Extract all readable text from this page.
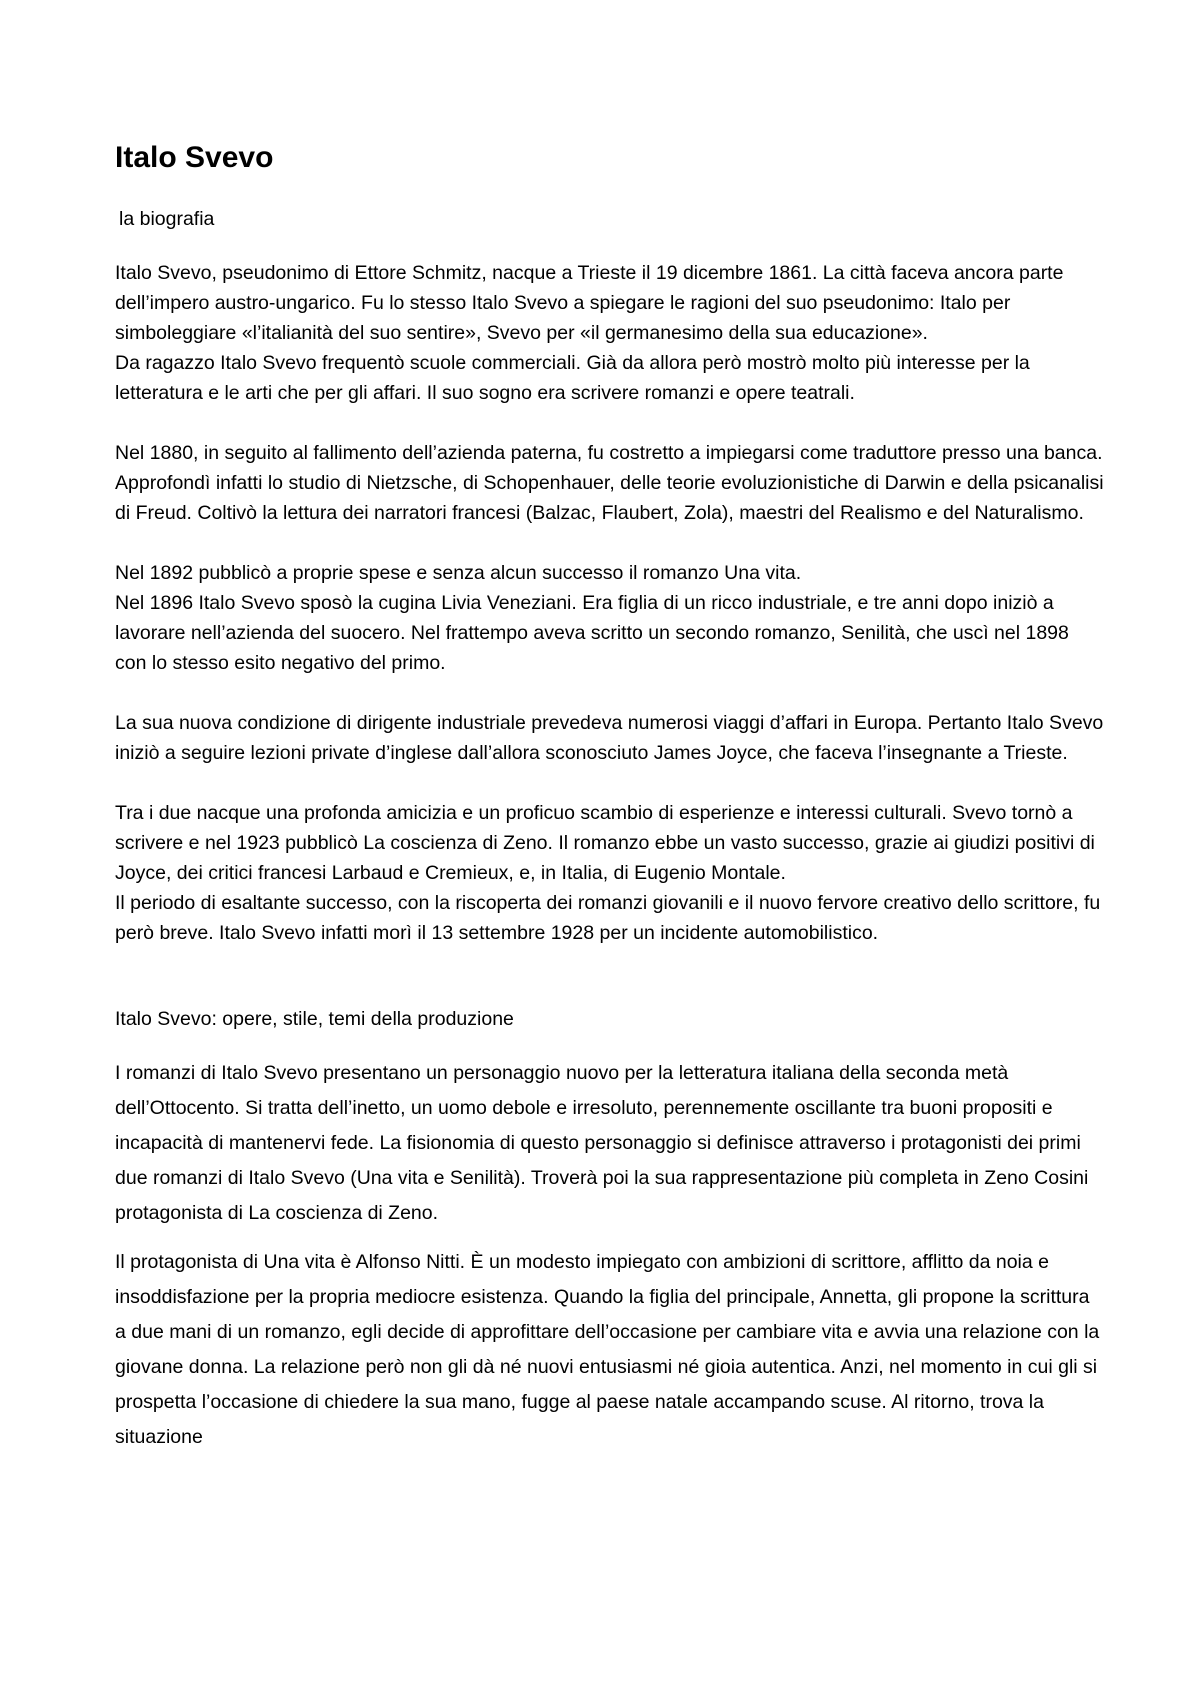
Italo Svevo
la biografia

Italo Svevo, pseudonimo di Ettore Schmitz, nacque a Trieste il 19 dicembre 1861. La città faceva ancora parte dell’impero austro-ungarico. Fu lo stesso Italo Svevo a spiegare le ragioni del suo pseudonimo: Italo per simboleggiare «l’italianità del suo sentire», Svevo per «il germanesimo della sua educazione».

Da ragazzo Italo Svevo frequentò scuole commerciali. Già da allora però mostrò molto più interesse per la letteratura e le arti che per gli affari. Il suo sogno era scrivere romanzi e opere teatrali.

Nel 1880, in seguito al fallimento dell’azienda paterna, fu costretto a impiegarsi come traduttore presso una banca. Approfondì infatti lo studio di Nietzsche, di Schopenhauer, delle teorie evoluzionistiche di Darwin e della psicanalisi di Freud. Coltivò la lettura dei narratori francesi (Balzac, Flaubert, Zola), maestri del Realismo e del Naturalismo.

Nel 1892 pubblicò a proprie spese e senza alcun successo il romanzo Una vita.

Nel 1896 Italo Svevo sposò la cugina Livia Veneziani. Era figlia di un ricco industriale, e tre anni dopo iniziò a lavorare nell’azienda del suocero. Nel frattempo aveva scritto un secondo romanzo, Senilità, che uscì nel 1898 con lo stesso esito negativo del primo.

La sua nuova condizione di dirigente industriale prevedeva numerosi viaggi d’affari in Europa. Pertanto Italo Svevo iniziò a seguire lezioni private d’inglese dall’allora sconosciuto James Joyce, che faceva l’insegnante a Trieste.

Tra i due nacque una profonda amicizia e un proficuo scambio di esperienze e interessi culturali. Svevo tornò a scrivere e nel 1923 pubblicò La coscienza di Zeno. Il romanzo ebbe un vasto successo, grazie ai giudizi positivi di Joyce, dei critici francesi Larbaud e Cremieux, e, in Italia, di Eugenio Montale.

Il periodo di esaltante successo, con la riscoperta dei romanzi giovanili e il nuovo fervore creativo dello scrittore, fu però breve. Italo Svevo infatti morì il 13 settembre 1928 per un incidente automobilistico.

Italo Svevo: opere, stile, temi della produzione

I romanzi di Italo Svevo presentano un personaggio nuovo per la letteratura italiana della seconda metà dell’Ottocento. Si tratta dell’inetto, un uomo debole e irresoluto, perennemente oscillante tra buoni propositi e incapacità di mantenervi fede. La fisionomia di questo personaggio si definisce attraverso i protagonisti dei primi due romanzi di Italo Svevo (Una vita e Senilità). Troverà poi la sua rappresentazione più completa in Zeno Cosini protagonista di La coscienza di Zeno.

Il protagonista di Una vita è Alfonso Nitti. È un modesto impiegato con ambizioni di scrittore, afflitto da noia e insoddisfazione per la propria mediocre esistenza. Quando la figlia del principale, Annetta, gli propone la scrittura a due mani di un romanzo, egli decide di approfittare dell’occasione per cambiare vita e avvia una relazione con la giovane donna. La relazione però non gli dà né nuovi entusiasmi né gioia autentica. Anzi, nel momento in cui gli si prospetta l’occasione di chiedere la sua mano, fugge al paese natale accampando scuse. Al ritorno, trova la situazione
